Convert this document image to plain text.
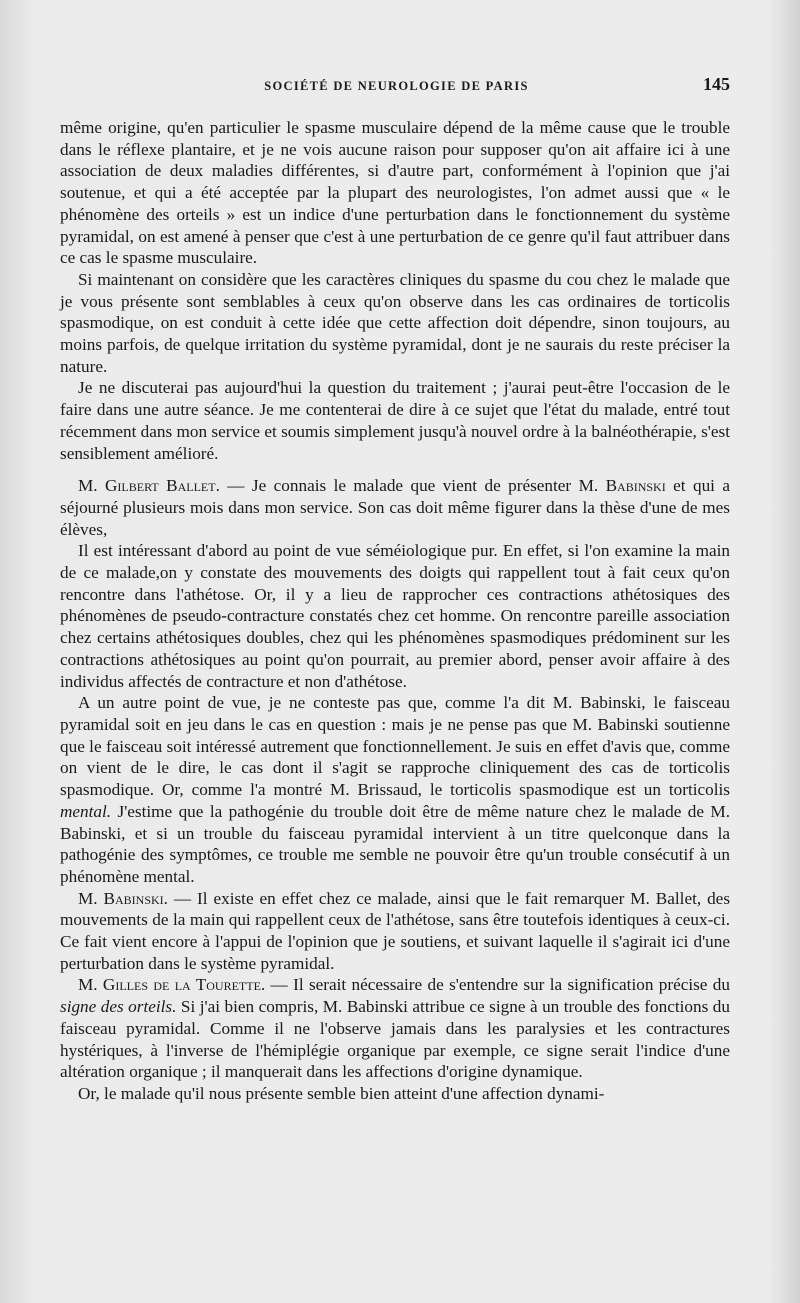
SOCIÉTÉ DE NEUROLOGIE DE PARIS	145

même origine, qu'en particulier le spasme musculaire dépend de la même cause que le trouble dans le réflexe plantaire, et je ne vois aucune raison pour supposer qu'on ait affaire ici à une association de deux maladies différentes, si d'autre part, conformément à l'opinion que j'ai soutenue, et qui a été acceptée par la plupart des neurologistes, l'on admet aussi que « le phénomène des orteils » est un indice d'une perturbation dans le fonctionnement du système pyramidal, on est amené à penser que c'est à une perturbation de ce genre qu'il faut attribuer dans ce cas le spasme musculaire.

Si maintenant on considère que les caractères cliniques du spasme du cou chez le malade que je vous présente sont semblables à ceux qu'on observe dans les cas ordinaires de torticolis spasmodique, on est conduit à cette idée que cette affection doit dépendre, sinon toujours, au moins parfois, de quelque irritation du système pyramidal, dont je ne saurais du reste préciser la nature.

Je ne discuterai pas aujourd'hui la question du traitement ; j'aurai peut-être l'occasion de le faire dans une autre séance. Je me contenterai de dire à ce sujet que l'état du malade, entré tout récemment dans mon service et soumis simplement jusqu'à nouvel ordre à la balnéothérapie, s'est sensiblement amélioré.

M. Gilbert Ballet. — Je connais le malade que vient de présenter M. Babinski et qui a séjourné plusieurs mois dans mon service. Son cas doit même figurer dans la thèse d'une de mes élèves,

Il est intéressant d'abord au point de vue séméiologique pur. En effet, si l'on examine la main de ce malade,on y constate des mouvements des doigts qui rappellent tout à fait ceux qu'on rencontre dans l'athétose. Or, il y a lieu de rapprocher ces contractions athétosiques des phénomènes de pseudo-contracture constatés chez cet homme. On rencontre pareille association chez certains athétosiques doubles, chez qui les phénomènes spasmodiques prédominent sur les contractions athétosiques au point qu'on pourrait, au premier abord, penser avoir affaire à des individus affectés de contracture et non d'athétose.

A un autre point de vue, je ne conteste pas que, comme l'a dit M. Babinski, le faisceau pyramidal soit en jeu dans le cas en question : mais je ne pense pas que M. Babinski soutienne que le faisceau soit intéressé autrement que fonctionnellement. Je suis en effet d'avis que, comme on vient de le dire, le cas dont il s'agit se rapproche cliniquement des cas de torticolis spasmodique. Or, comme l'a montré M. Brissaud, le torticolis spasmodique est un torticolis mental. J'estime que la pathogénie du trouble doit être de même nature chez le malade de M. Babinski, et si un trouble du faisceau pyramidal intervient à un titre quelconque dans la pathogénie des symptômes, ce trouble me semble ne pouvoir être qu'un trouble consécutif à un phénomène mental.

M. Babinski. — Il existe en effet chez ce malade, ainsi que le fait remarquer M. Ballet, des mouvements de la main qui rappellent ceux de l'athétose, sans être toutefois identiques à ceux-ci. Ce fait vient encore à l'appui de l'opinion que je soutiens, et suivant laquelle il s'agirait ici d'une perturbation dans le système pyramidal.

M. Gilles de la Tourette. — Il serait nécessaire de s'entendre sur la signification précise du signe des orteils. Si j'ai bien compris, M. Babinski attribue ce signe à un trouble des fonctions du faisceau pyramidal. Comme il ne l'observe jamais dans les paralysies et les contractures hystériques, à l'inverse de l'hémiplégie organique par exemple, ce signe serait l'indice d'une altération organique ; il manquerait dans les affections d'origine dynamique.

Or, le malade qu'il nous présente semble bien atteint d'une affection dynami-
